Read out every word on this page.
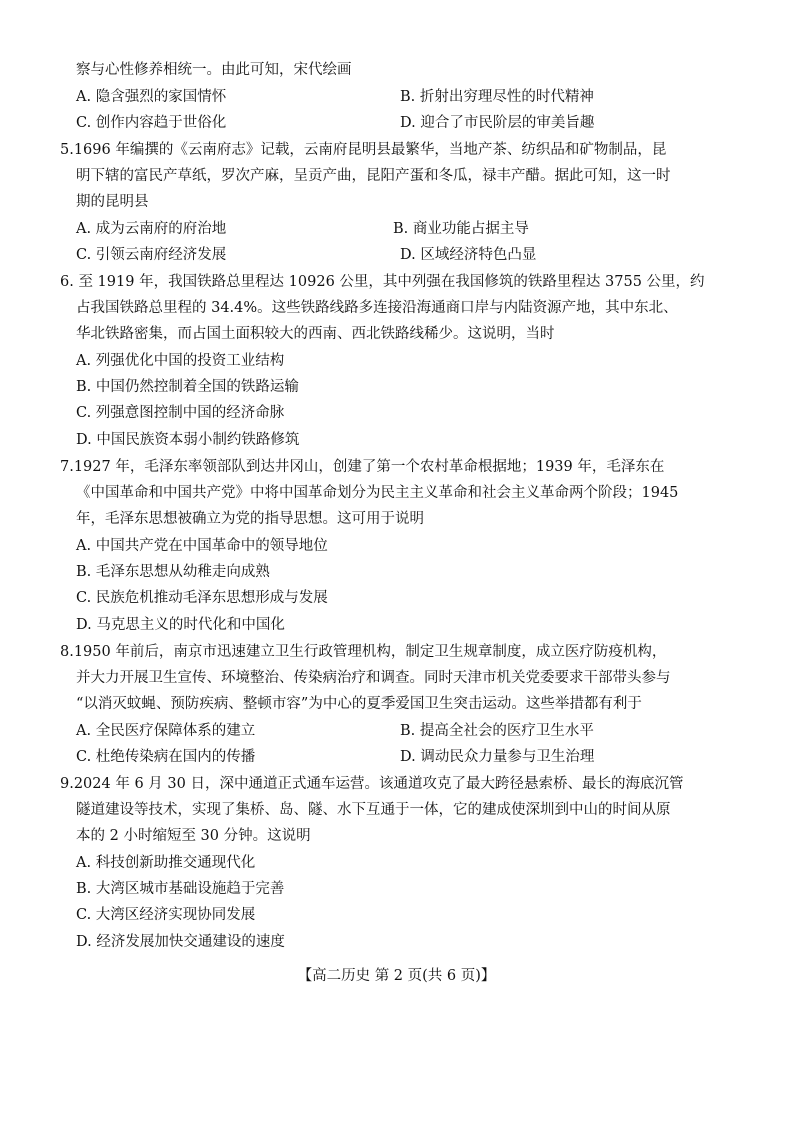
察与心性修养相统一。由此可知，宋代绘画
A. 隐含强烈的家国情怀	B. 折射出穷理尽性的时代精神
C. 创作内容趋于世俗化	D. 迎合了市民阶层的审美旨趣
5.1696 年编撰的《云南府志》记载，云南府昆明县最繁华，当地产茶、纺织品和矿物制品，昆
明下辖的富民产草纸，罗次产麻，呈贡产曲，昆阳产蛋和冬瓜，禄丰产醋。据此可知，这一时
期的昆明县
A. 成为云南府的府治地	B. 商业功能占据主导
C. 引领云南府经济发展	D. 区域经济特色凸显
6. 至 1919 年，我国铁路总里程达 10926 公里，其中列强在我国修筑的铁路里程达 3755 公里，约
占我国铁路总里程的 34.4%。这些铁路线路多连接沿海通商口岸与内陆资源产地，其中东北、
华北铁路密集，而占国土面积较大的西南、西北铁路线稀少。这说明，当时
A. 列强优化中国的投资工业结构
B. 中国仍然控制着全国的铁路运输
C. 列强意图控制中国的经济命脉
D. 中国民族资本弱小制约铁路修筑
7.1927 年，毛泽东率领部队到达井冈山，创建了第一个农村革命根据地；1939 年，毛泽东在
《中国革命和中国共产党》中将中国革命划分为民主主义革命和社会主义革命两个阶段；1945
年，毛泽东思想被确立为党的指导思想。这可用于说明
A. 中国共产党在中国革命中的领导地位
B. 毛泽东思想从幼稚走向成熟
C. 民族危机推动毛泽东思想形成与发展
D. 马克思主义的时代化和中国化
8.1950 年前后，南京市迅速建立卫生行政管理机构，制定卫生规章制度，成立医疗防疫机构，
并大力开展卫生宣传、环境整治、传染病治疗和调查。同时天津市机关党委要求干部带头参与
“以消灭蚊蝇、预防疾病、整顿市容”为中心的夏季爱国卫生突击运动。这些举措都有利于
A. 全民医疗保障体系的建立	B. 提高全社会的医疗卫生水平
C. 杜绝传染病在国内的传播	D. 调动民众力量参与卫生治理
9.2024 年 6 月 30 日，深中通道正式通车运营。该通道攻克了最大跨径悬索桥、最长的海底沉管
隧道建设等技术，实现了集桥、岛、隧、水下互通于一体，它的建成使深圳到中山的时间从原
本的 2 小时缩短至 30 分钟。这说明
A. 科技创新助推交通现代化
B. 大湾区城市基础设施趋于完善
C. 大湾区经济实现协同发展
D. 经济发展加快交通建设的速度
【高二历史 第 2 页(共 6 页)】
